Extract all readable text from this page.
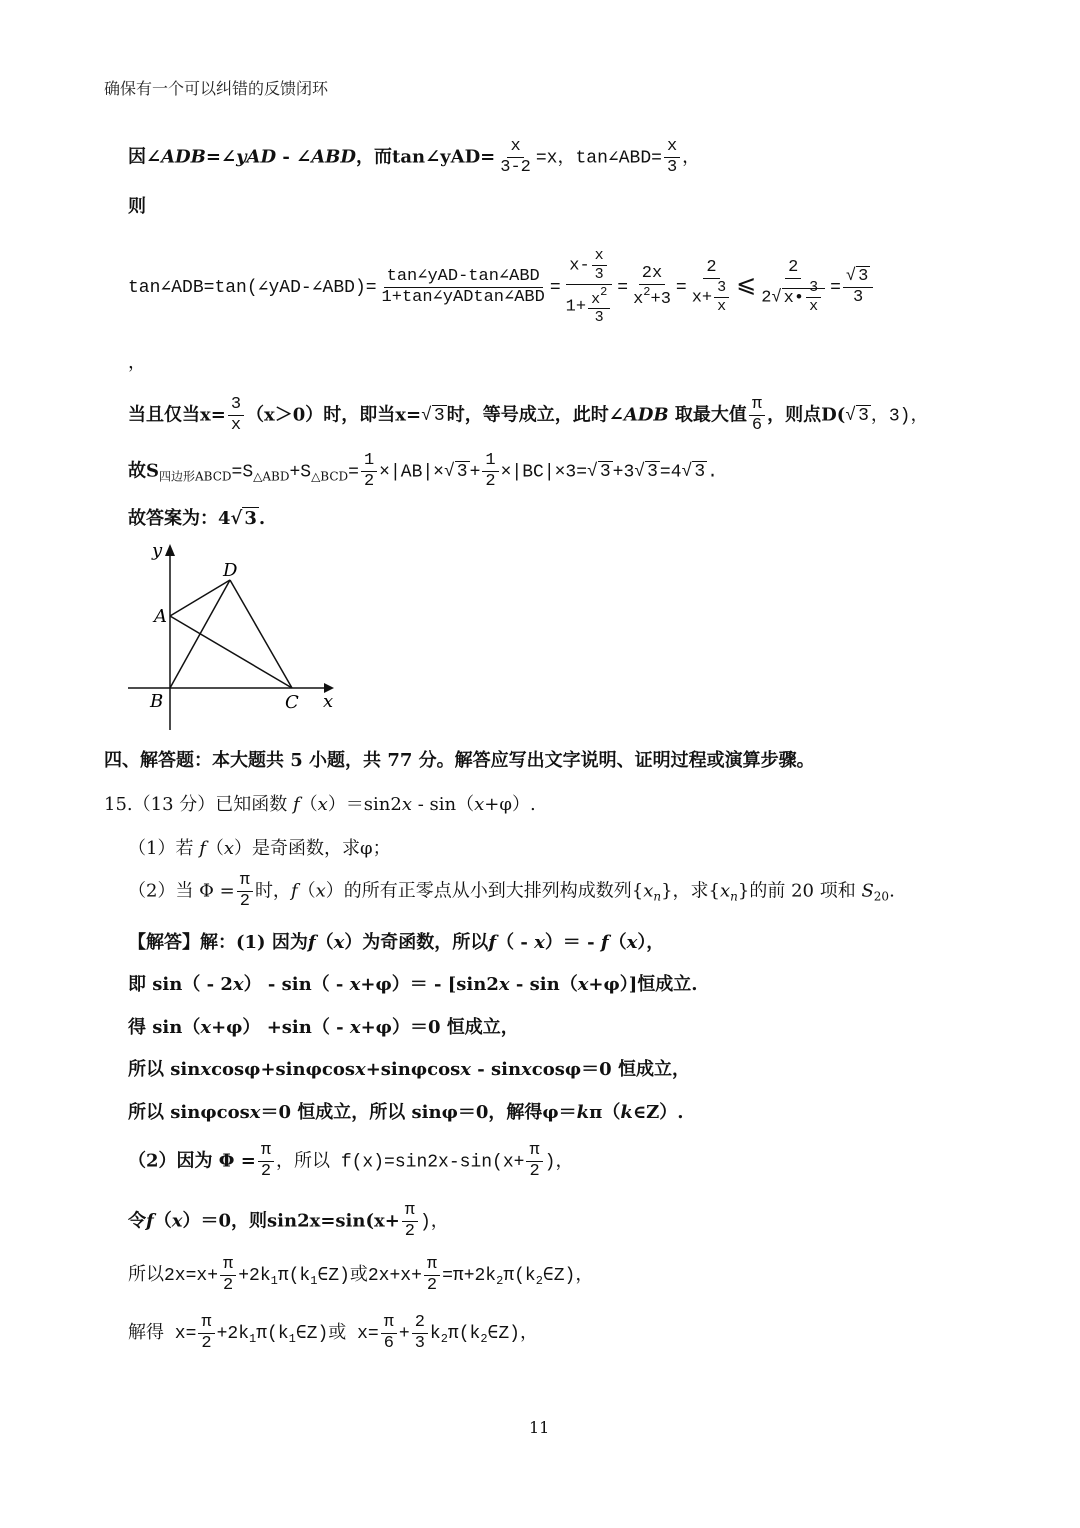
确保有一个可以纠错的反馈闭环
因∠ADB=∠yAD - ∠ABD，而tan∠yAD= $\frac{x}{3-2} =x$，tan∠ABD= $\frac{x}{3}$ ，
则
tan∠ADB=tan(∠yAD-∠ABD)= $\frac{\text{tan∠yAD-tan∠ABD}}{\text{1+tan∠yADtan∠ABD}} = \frac{x- \frac{x}{3}}{1+ \frac{x^2}{3}} = \frac{2x}{x^2+3} = \frac{2}{x+ \frac{3}{x}}$ ⩽ $\frac{2}{2√ x• \frac{3}{x}} = \frac{√ 3}{3}$
，
当且仅当$x= \frac{3}{x} (x>0)$时，即当x=√ 3 时，等号成立，此时∠ADB 取最大值 $\frac{\pi}{6}$ ，则点D(√ 3 ，3)，
故$S_{四边形ABCD}=S_{\triangle ABD}+S_{\triangle BCD}= \frac{1}{2} \times|AB|\times√$ $3 + \frac{1}{2} \times|BC|\times 3=√$ 3 +3√ 3 =4√ 3 .
故答案为：4√ 3 .
y
x
A
B	C
D
四、解答题：本大题共 5 小题，共 77 分。解答应写出文字说明、证明过程或演算步骤。
15.（13 分）已知函数 f（x）＝sin2x - sin（x+φ）.
（1）若 f（x）是奇函数，求φ；
（2）当 $\Phi = \frac{\pi}{2}$ 时，f（x）的所有正零点从小到大排列构成数列$\{x_n\}$，求$\{x_n\}$的前 20 项和 $S_{20}$.
【解答】解：(1) 因为f（x）为奇函数，所以f（ - x）＝ - f（x），
即 sin（ - 2x） - sin（ - x+φ）＝ - [sin2x - sin（x+φ）]恒成立.
得 sin（x+φ） +sin（ - x+φ）＝0 恒成立，
所以 sinxcosφ+sinφcosx+sinφcosx - sinxcosφ＝0 恒成立，
所以 sinφcosx＝0 恒成立，所以 sinφ＝0，解得φ＝kπ（k∈Z）.
（2）因为 $\Phi = \frac{\pi}{2}$ ，所以 $f(x)=\sin 2x-\sin(x+ \frac{\pi}{2}$ )，
令f（x）＝0，则$\sin 2x=\sin(x+ \frac{\pi}{2}$ )，
所以$2x=x+ \frac{\pi}{2}$ $+2k_1\pi(k_1\in Z)$或$2x+x+ \frac{\pi}{2}$ $=\pi+2k_2\pi(k_2\in Z)$，
解得 $x= \frac{\pi}{2}$ $+2k_1\pi(k_1\in Z)$或 $x= \frac{\pi}{6} + \frac{2}{3}$ $k_2\pi(k_2\in Z)$，
11
